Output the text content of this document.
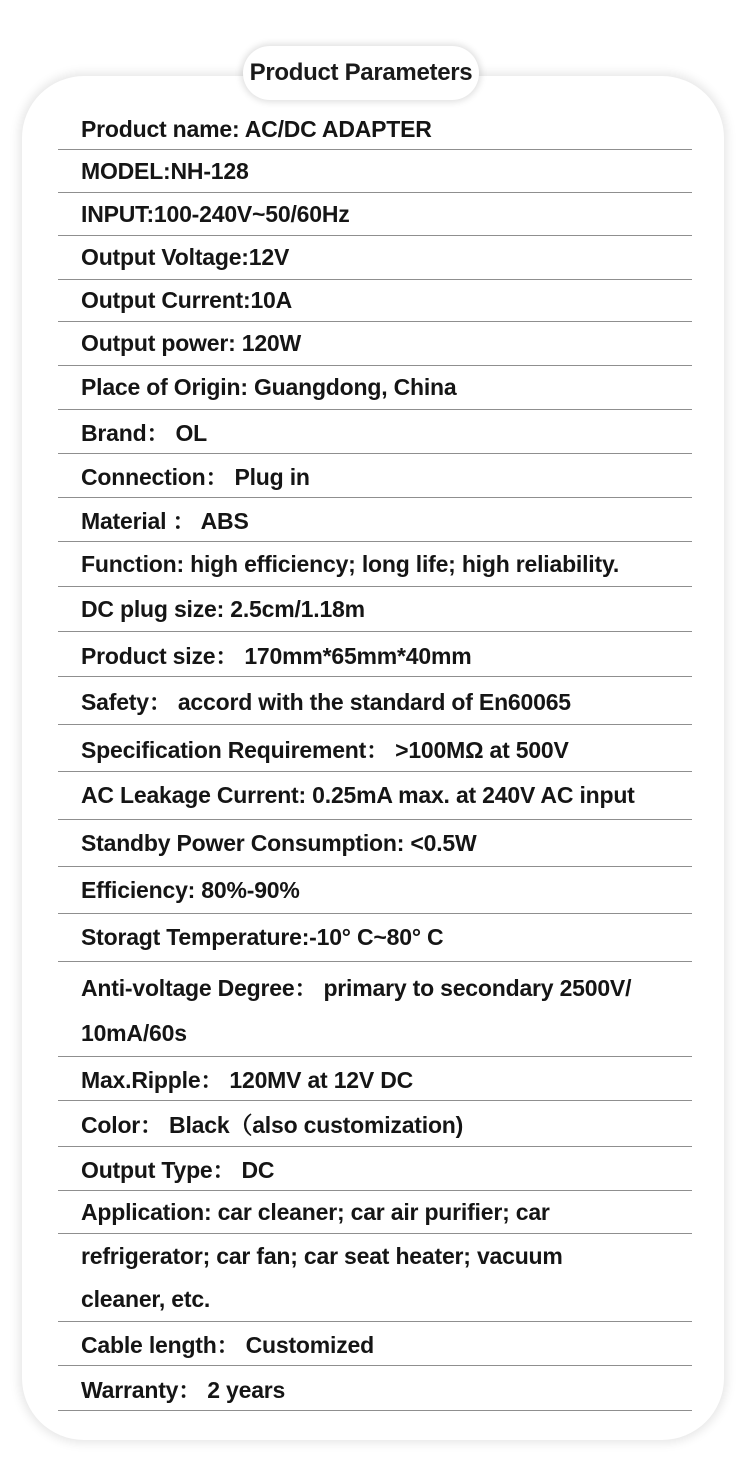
Product Parameters
Product name: AC/DC ADAPTER
MODEL:NH-128
INPUT:100-240V~50/60Hz
Output Voltage:12V
Output Current:10A
Output power: 120W
Place of Origin: Guangdong, China
Brand： OL
Connection： Plug in
Material ： ABS
Function: high efficiency; long life; high reliability.
DC plug size: 2.5cm/1.18m
Product size： 170mm*65mm*40mm
Safety： accord with the standard of En60065
Specification Requirement： >100MΩ at 500V
AC Leakage Current: 0.25mA max. at 240V AC input
Standby Power Consumption: <0.5W
Efficiency: 80%-90%
Storagt Temperature:-10° C~80° C
Anti-voltage Degree： primary to secondary 2500V/
10mA/60s
Max.Ripple： 120MV at 12V DC
Color： Black（also customization)
Output Type： DC
Application: car cleaner; car air purifier; car
refrigerator; car fan; car seat heater; vacuum
cleaner, etc.
Cable length： Customized
Warranty： 2 years
